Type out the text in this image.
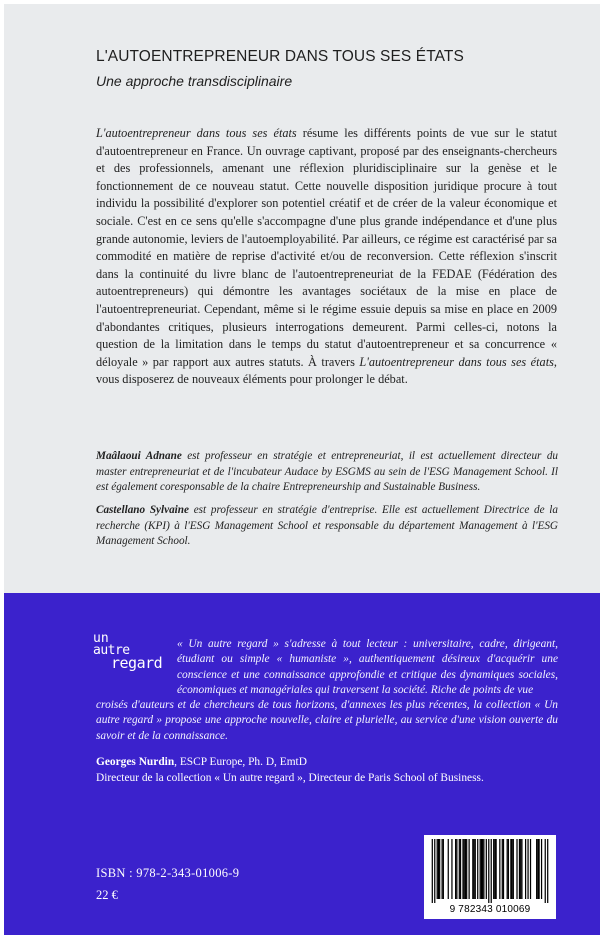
L'AUTOENTREPRENEUR DANS TOUS SES ÉTATS
Une approche transdisciplinaire

L'autoentrepreneur dans tous ses états résume les différents points de vue sur le statut d'autoentrepreneur en France. Un ouvrage captivant, proposé par des enseignants-chercheurs et des professionnels, amenant une réflexion pluridisciplinaire sur la genèse et le fonctionnement de ce nouveau statut. Cette nouvelle disposition juridique procure à tout individu la possibilité d'explorer son potentiel créatif et de créer de la valeur économique et sociale. C'est en ce sens qu'elle s'accompagne d'une plus grande indépendance et d'une plus grande autonomie, leviers de l'autoemployabilité. Par ailleurs, ce régime est caractérisé par sa commodité en matière de reprise d'activité et/ou de reconversion. Cette réflexion s'inscrit dans la continuité du livre blanc de l'autoentrepreneuriat de la FEDAE (Fédération des autoentrepreneurs) qui démontre les avantages sociétaux de la mise en place de l'autoentrepreneuriat. Cependant, même si le régime essuie depuis sa mise en place en 2009 d'abondantes critiques, plusieurs interrogations demeurent. Parmi celles-ci, notons la question de la limitation dans le temps du statut d'autoentrepreneur et sa concurrence « déloyale » par rapport aux autres statuts. À travers L'autoentrepreneur dans tous ses états, vous disposerez de nouveaux éléments pour prolonger le débat.

Maâlaoui Adnane est professeur en stratégie et entrepreneuriat, il est actuellement directeur du master entrepreneuriat et de l'incubateur Audace by ESGMS au sein de l'ESG Management School. Il est également coresponsable de la chaire Entrepreneurship and Sustainable Business.

Castellano Sylvaine est professeur en stratégie d'entreprise. Elle est actuellement Directrice de la recherche (KPI) à l'ESG Management School et responsable du département Management à l'ESG Management School.

un
autre
regard

« Un autre regard » s'adresse à tout lecteur : universitaire, cadre, dirigeant, étudiant ou simple « humaniste », authentiquement désireux d'acquérir une conscience et une connaissance approfondie et critique des dynamiques sociales, économiques et managériales qui traversent la société. Riche de points de vue

croisés d'auteurs et de chercheurs de tous horizons, d'annexes les plus récentes, la collection « Un autre regard » propose une approche nouvelle, claire et plurielle, au service d'une vision ouverte du savoir et de la connaissance.

Georges Nurdin, ESCP Europe, Ph. D, EmtD
Directeur de la collection « Un autre regard », Directeur de Paris School of Business.
ISBN : 978-2-343-01006-9
22 €
9 782343 010069
